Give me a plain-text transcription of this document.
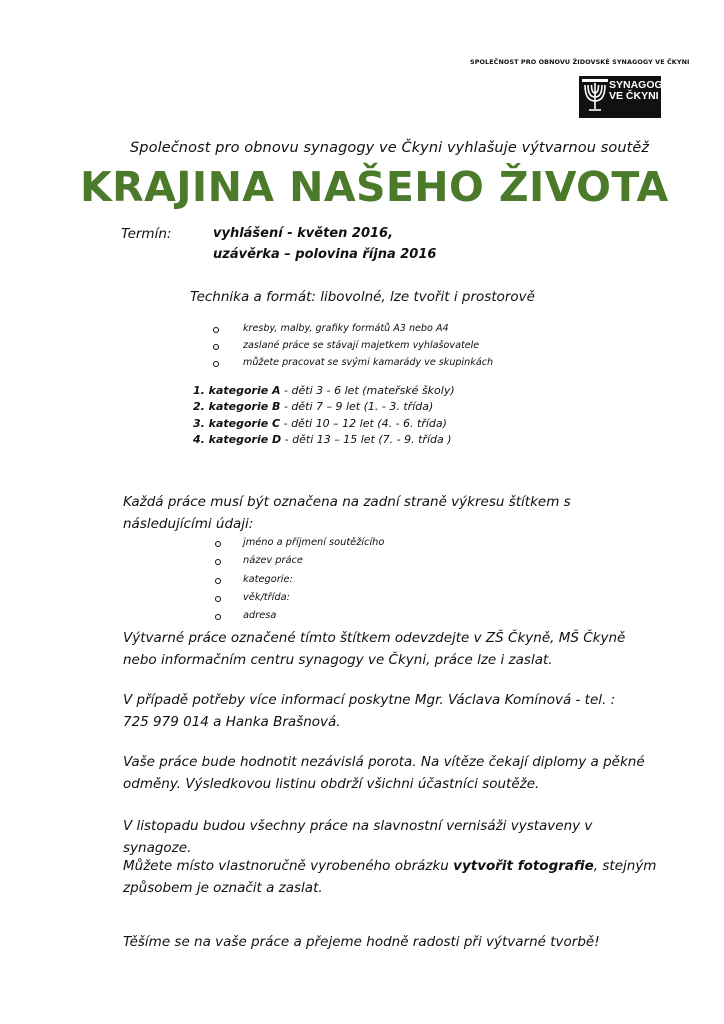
SPOLEČNOST PRO OBNOVU ŽIDOVSKÉ SYNAGOGY VE ČKYNI
SYNAGOGA
VE ČKYNI
Společnost pro obnovu synagogy ve Čkyni vyhlašuje výtvarnou soutěž
KRAJINA NAŠEHO ŽIVOTA
Termín:	vyhlášení - květen 2016,
uzávěrka – polovina října 2016
Technika a formát: libovolné, lze tvořit i prostorově
kresby, malby, grafiky formátů A3 nebo A4
zaslané práce se stávají majetkem vyhlašovatele
můžete pracovat se svými kamarády ve skupinkách
1. kategorie A - děti 3 - 6 let (mateřské školy)
2. kategorie B - děti 7 – 9 let (1. - 3. třída)
3. kategorie C - děti 10 – 12 let (4. - 6. třída)
4. kategorie D - děti 13 – 15 let (7. - 9. třída )
Každá práce musí být označena na zadní straně výkresu štítkem s následujícími údaji:
jméno a příjmení soutěžícího
název práce
kategorie:
věk/třída:
adresa
Výtvarné práce označené tímto štítkem odevzdejte v ZŠ Čkyně, MŠ Čkyně nebo informačním centru synagogy ve Čkyni, práce lze i zaslat.
V případě potřeby více informací poskytne Mgr. Václava Komínová - tel. : 725 979 014 a Hanka Brašnová.
Vaše práce bude hodnotit nezávislá porota. Na vítěze čekají diplomy a pěkné odměny. Výsledkovou listinu obdrží všichni účastníci soutěže.
V listopadu budou všechny práce na slavnostní vernisáži vystaveny v synagoze.
Můžete místo vlastnoručně vyrobeného obrázku vytvořit fotografie, stejným způsobem je označit a zaslat.
Těšíme se na vaše práce a přejeme hodně radosti při výtvarné tvorbě!
